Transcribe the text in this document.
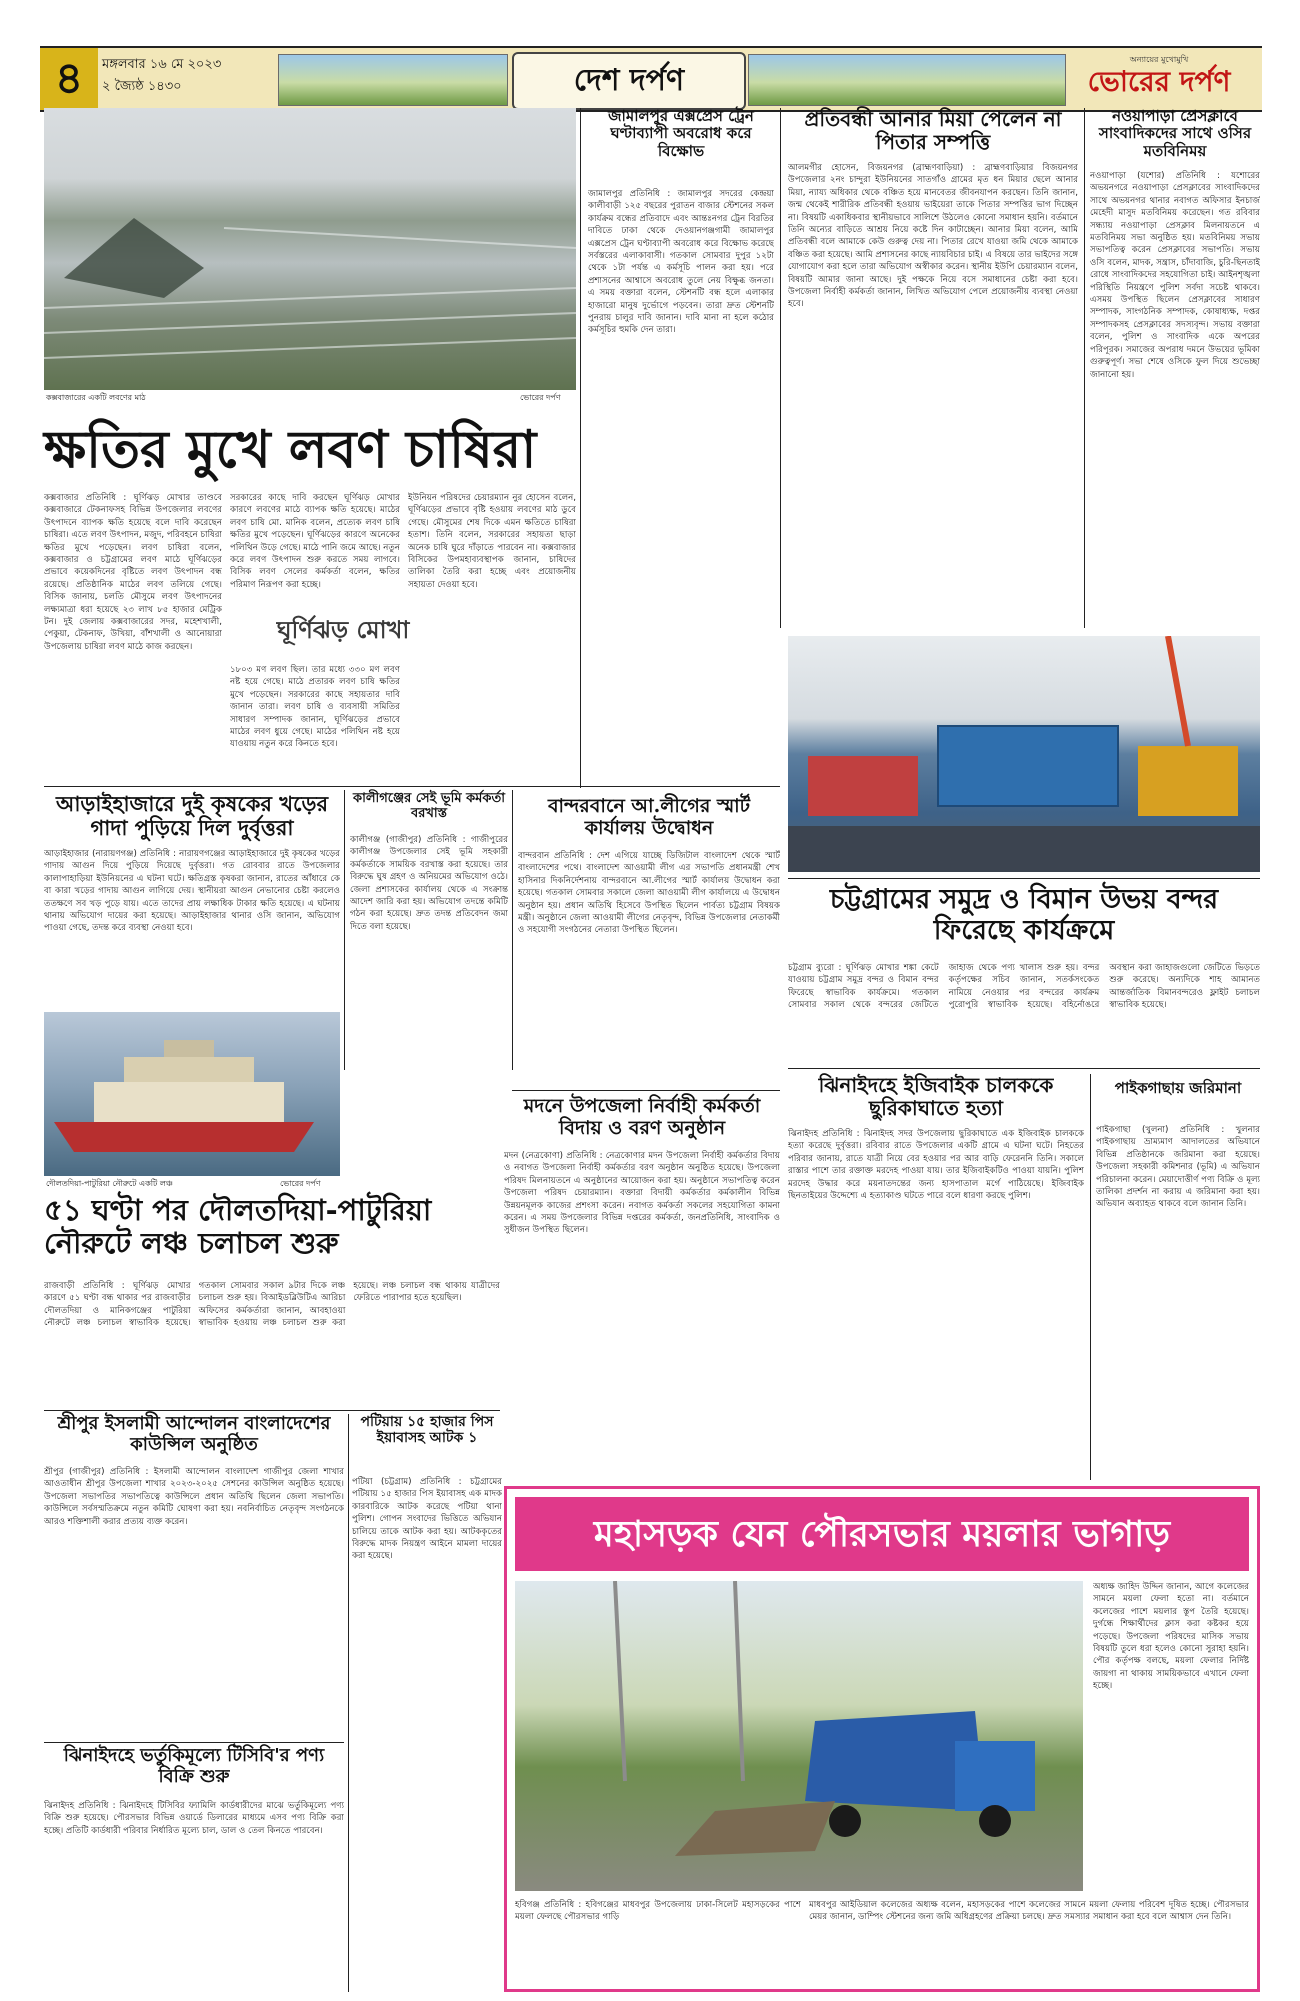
৪	মঙ্গলবার ১৬ মে ২০২৩
২ জ্যৈষ্ঠ ১৪৩০	দেশ দর্পণ
অন্যায়ের মুখোমুখি
ভোরের দর্পণ
কক্সবাজারের একটি লবণের মাঠ	ভোরের দর্পণ
ক্ষতির মুখে লবণ চাষিরা
কক্সবাজার প্রতিনিধি : ঘূর্ণিঝড় মোখার তাণ্ডবে কক্সবাজারে টেকনাফসহ বিভিন্ন উপজেলার লবণের উৎপাদনে ব্যাপক ক্ষতি হয়েছে বলে দাবি করেছেন চাষিরা। এতে লবণ উৎপাদন, মজুদ, পরিবহনে চাষিরা ক্ষতির মুখে পড়েছেন। লবণ চাষিরা বলেন, কক্সবাজার ও চট্টগ্রামের লবণ মাঠে ঘূর্ণিঝড়ের প্রভাবে কয়েকদিনের বৃষ্টিতে লবণ উৎপাদন বন্ধ রয়েছে। প্রতিষ্ঠানিক মাঠের লবণ তলিয়ে গেছে। বিসিক জানায়, চলতি মৌসুমে লবণ উৎপাদনের লক্ষ্যমাত্রা ধরা হয়েছে ২৩ লাখ ৮৫ হাজার মেট্রিক টন। দুই জেলায় কক্সবাজারের সদর, মহেশখালী, পেকুয়া, টেকনাফ, উখিয়া, বাঁশখালী ও আনোয়ারা উপজেলায় চাষিরা লবণ মাঠে কাজ করছেন।
সরকারের কাছে দাবি করছেন ঘূর্ণিঝড় মোখার কারণে লবণের মাঠে ব্যাপক ক্ষতি হয়েছে। মাঠের লবণ চাষি মো. মানিক বলেন, প্রত্যেক লবণ চাষি ক্ষতির মুখে পড়েছেন। ঘূর্ণিঝড়ের কারণে অনেকের পলিথিন উড়ে গেছে। মাঠে পানি জমে আছে। নতুন করে লবণ উৎপাদন শুরু করতে সময় লাগবে। বিসিক লবণ সেলের কর্মকর্তা বলেন, ক্ষতির পরিমাণ নিরূপণ করা হচ্ছে।
ঘূর্ণিঝড় মোখা
১৮০৩ মণ লবণ ছিল। তার মধ্যে ৩৩০ মণ লবণ নষ্ট হয়ে গেছে। মাঠে প্রতারক লবণ চাষি ক্ষতির মুখে পড়েছেন। সরকারের কাছে সহায়তার দাবি জানান তারা। লবণ চাষি ও ব্যবসায়ী সমিতির সাধারণ সম্পাদক জানান, ঘূর্ণিঝড়ের প্রভাবে মাঠের লবণ ধুয়ে গেছে। মাঠের পলিথিন নষ্ট হয়ে যাওয়ায় নতুন করে কিনতে হবে।
ইউনিয়ন পরিষদের চেয়ারম্যান নুর হোসেন বলেন, ঘূর্ণিঝড়ের প্রভাবে বৃষ্টি হওয়ায় লবণের মাঠ ডুবে গেছে। মৌসুমের শেষ দিকে এমন ক্ষতিতে চাষিরা হতাশ। তিনি বলেন, সরকারের সহায়তা ছাড়া অনেক চাষি ঘুরে দাঁড়াতে পারবেন না। কক্সবাজার বিসিকের উপমহাব্যবস্থাপক জানান, চাষিদের তালিকা তৈরি করা হচ্ছে এবং প্রয়োজনীয় সহায়তা দেওয়া হবে।
জামালপুর এক্সপ্রেস ট্রেন ঘণ্টাব্যাপী অবরোধ করে বিক্ষোভ
জামালপুর প্রতিনিধি : জামালপুর সদরের কেন্দ্রয়া কালীবাড়ী ১২৫ বছরের পুরাতন বাজার স্টেশনের সকল কার্যক্রম বন্ধের প্রতিবাদে এবং আন্তঃনগর ট্রেন বিরতির দাবিতে ঢাকা থেকে দেওয়ানগঞ্জগামী জামালপুর এক্সপ্রেস ট্রেন ঘণ্টাব্যাপী অবরোধ করে বিক্ষোভ করেছে সর্বস্তরের এলাকাবাসী। গতকাল সোমবার দুপুর ১২টা থেকে ১টা পর্যন্ত এ কর্মসূচি পালন করা হয়। পরে প্রশাসনের আশ্বাসে অবরোধ তুলে নেয় বিক্ষুব্ধ জনতা। এ সময় বক্তারা বলেন, স্টেশনটি বন্ধ হলে এলাকার হাজারো মানুষ দুর্ভোগে পড়বেন। তারা দ্রুত স্টেশনটি পুনরায় চালুর দাবি জানান। দাবি মানা না হলে কঠোর কর্মসূচির হুমকি দেন তারা।
প্রতিবন্ধী আনার মিয়া পেলেন না পিতার সম্পত্তি
আলমগীর হোসেন, বিজয়নগর (ব্রাহ্মণবাড়িয়া) : ব্রাহ্মণবাড়িয়ার বিজয়নগর উপজেলার ২নং চান্দুরা ইউনিয়নের সাতগাঁও গ্রামের মৃত ধন মিয়ার ছেলে আনার মিয়া, ন্যায্য অধিকার থেকে বঞ্চিত হয়ে মানবেতর জীবনযাপন করছেন। তিনি জানান, জন্ম থেকেই শারীরিক প্রতিবন্ধী হওয়ায় ভাইয়েরা তাকে পিতার সম্পত্তির ভাগ দিচ্ছেন না। বিষয়টি একাধিকবার স্থানীয়ভাবে সালিশে উঠলেও কোনো সমাধান হয়নি। বর্তমানে তিনি অন্যের বাড়িতে আশ্রয় নিয়ে কষ্টে দিন কাটাচ্ছেন। আনার মিয়া বলেন, আমি প্রতিবন্ধী বলে আমাকে কেউ গুরুত্ব দেয় না। পিতার রেখে যাওয়া জমি থেকে আমাকে বঞ্চিত করা হয়েছে। আমি প্রশাসনের কাছে ন্যায়বিচার চাই। এ বিষয়ে তার ভাইদের সঙ্গে যোগাযোগ করা হলে তারা অভিযোগ অস্বীকার করেন। স্থানীয় ইউপি চেয়ারম্যান বলেন, বিষয়টি আমার জানা আছে। দুই পক্ষকে নিয়ে বসে সমাধানের চেষ্টা করা হবে। উপজেলা নির্বাহী কর্মকর্তা জানান, লিখিত অভিযোগ পেলে প্রয়োজনীয় ব্যবস্থা নেওয়া হবে।
নওয়াপাড়া প্রেসক্লাবে সাংবাদিকদের সাথে ওসির মতবিনিময়
নওয়াপাড়া (যশোর) প্রতিনিধি : যশোরের অভয়নগরে নওয়াপাড়া প্রেসক্লাবের সাংবাদিকদের সাথে অভয়নগর থানার নবাগত অফিসার ইনচার্জ মেহেদী মাসুদ মতবিনিময় করেছেন। গত রবিবার সন্ধ্যায় নওয়াপাড়া প্রেসক্লাব মিলনায়তনে এ মতবিনিময় সভা অনুষ্ঠিত হয়। মতবিনিময় সভায় সভাপতিত্ব করেন প্রেসক্লাবের সভাপতি। সভায় ওসি বলেন, মাদক, সন্ত্রাস, চাঁদাবাজি, চুরি-ছিনতাই রোধে সাংবাদিকদের সহযোগিতা চাই। আইনশৃঙ্খলা পরিস্থিতি নিয়ন্ত্রণে পুলিশ সর্বদা সচেষ্ট থাকবে। এসময় উপস্থিত ছিলেন প্রেসক্লাবের সাধারণ সম্পাদক, সাংগঠনিক সম্পাদক, কোষাধ্যক্ষ, দপ্তর সম্পাদকসহ প্রেসক্লাবের সদস্যবৃন্দ। সভায় বক্তারা বলেন, পুলিশ ও সাংবাদিক একে অপরের পরিপূরক। সমাজের অপরাধ দমনে উভয়ের ভূমিকা গুরুত্বপূর্ণ। সভা শেষে ওসিকে ফুল দিয়ে শুভেচ্ছা জানানো হয়।
চট্টগ্রামের সমুদ্র ও বিমান উভয় বন্দর ফিরেছে কার্যক্রমে
চট্টগ্রাম ব্যুরো : ঘূর্ণিঝড় মোখার শঙ্কা কেটে যাওয়ায় চট্টগ্রাম সমুদ্র বন্দর ও বিমান বন্দর ফিরেছে স্বাভাবিক কার্যক্রমে। গতকাল সোমবার সকাল থেকে বন্দরের জেটিতে জাহাজ থেকে পণ্য খালাস শুরু হয়। বন্দর কর্তৃপক্ষের সচিব জানান, সতর্কসংকেত নামিয়ে নেওয়ার পর বন্দরের কার্যক্রম পুরোপুরি স্বাভাবিক হয়েছে। বহির্নোঙরে অবস্থান করা জাহাজগুলো জেটিতে ভিড়তে শুরু করেছে। অন্যদিকে শাহ আমানত আন্তর্জাতিক বিমানবন্দরেও ফ্লাইট চলাচল স্বাভাবিক হয়েছে।
আড়াইহাজারে দুই কৃষকের খড়ের গাদা পুড়িয়ে দিল দুর্বৃত্তরা
আড়াইহাজার (নারায়ণগঞ্জ) প্রতিনিধি : নারায়ণগঞ্জের আড়াইহাজারে দুই কৃষকের খড়ের গাদায় আগুন দিয়ে পুড়িয়ে দিয়েছে দুর্বৃত্তরা। গত রোববার রাতে উপজেলার কালাপাহাড়িয়া ইউনিয়নের এ ঘটনা ঘটে। ক্ষতিগ্রস্ত কৃষকরা জানান, রাতের আঁধারে কে বা কারা খড়ের গাদায় আগুন লাগিয়ে দেয়। স্থানীয়রা আগুন নেভানোর চেষ্টা করলেও ততক্ষণে সব খড় পুড়ে যায়। এতে তাদের প্রায় লক্ষাধিক টাকার ক্ষতি হয়েছে। এ ঘটনায় থানায় অভিযোগ দায়ের করা হয়েছে। আড়াইহাজার থানার ওসি জানান, অভিযোগ পাওয়া গেছে, তদন্ত করে ব্যবস্থা নেওয়া হবে।
কালীগঞ্জের সেই ভূমি কর্মকর্তা বরখাস্ত
কালীগঞ্জ (গাজীপুর) প্রতিনিধি : গাজীপুরের কালীগঞ্জ উপজেলার সেই ভূমি সহকারী কর্মকর্তাকে সাময়িক বরখাস্ত করা হয়েছে। তার বিরুদ্ধে ঘুষ গ্রহণ ও অনিয়মের অভিযোগ ওঠে। জেলা প্রশাসকের কার্যালয় থেকে এ সংক্রান্ত আদেশ জারি করা হয়। অভিযোগ তদন্তে কমিটি গঠন করা হয়েছে। দ্রুত তদন্ত প্রতিবেদন জমা দিতে বলা হয়েছে।
বান্দরবানে আ.লীগের স্মার্ট কার্যালয় উদ্বোধন
বান্দরবান প্রতিনিধি : দেশ এগিয়ে যাচ্ছে ডিজিটাল বাংলাদেশ থেকে স্মার্ট বাংলাদেশের পথে। বাংলাদেশ আওয়ামী লীগ এর সভাপতি প্রধানমন্ত্রী শেখ হাসিনার দিকনির্দেশনায় বান্দরবানে আ.লীগের স্মার্ট কার্যালয় উদ্বোধন করা হয়েছে। গতকাল সোমবার সকালে জেলা আওয়ামী লীগ কার্যালয়ে এ উদ্বোধন অনুষ্ঠান হয়। প্রধান অতিথি হিসেবে উপস্থিত ছিলেন পার্বত্য চট্টগ্রাম বিষয়ক মন্ত্রী। অনুষ্ঠানে জেলা আওয়ামী লীগের নেতৃবৃন্দ, বিভিন্ন উপজেলার নেতাকর্মী ও সহযোগী সংগঠনের নেতারা উপস্থিত ছিলেন।
দৌলতদিয়া-পাটুরিয়া নৌরুটে একটি লঞ্চ	ভোরের দর্পণ
মদনে উপজেলা নির্বাহী কর্মকর্তা বিদায় ও বরণ অনুষ্ঠান
মদন (নেত্রকোণা) প্রতিনিধি : নেত্রকোণার মদন উপজেলা নির্বাহী কর্মকর্তার বিদায় ও নবাগত উপজেলা নির্বাহী কর্মকর্তার বরণ অনুষ্ঠান অনুষ্ঠিত হয়েছে। উপজেলা পরিষদ মিলনায়তনে এ অনুষ্ঠানের আয়োজন করা হয়। অনুষ্ঠানে সভাপতিত্ব করেন উপজেলা পরিষদ চেয়ারম্যান। বক্তারা বিদায়ী কর্মকর্তার কর্মকালীন বিভিন্ন উন্নয়নমূলক কাজের প্রশংসা করেন। নবাগত কর্মকর্তা সকলের সহযোগিতা কামনা করেন। এ সময় উপজেলার বিভিন্ন দপ্তরের কর্মকর্তা, জনপ্রতিনিধি, সাংবাদিক ও সুধীজন উপস্থিত ছিলেন।
ঝিনাইদহে ইজিবাইক চালককে ছুরিকাঘাতে হত্যা
ঝিনাইদহ প্রতিনিধি : ঝিনাইদহ সদর উপজেলায় ছুরিকাঘাতে এক ইজিবাইক চালককে হত্যা করেছে দুর্বৃত্তরা। রবিবার রাতে উপজেলার একটি গ্রামে এ ঘটনা ঘটে। নিহতের পরিবার জানায়, রাতে যাত্রী নিয়ে বের হওয়ার পর আর বাড়ি ফেরেননি তিনি। সকালে রাস্তার পাশে তার রক্তাক্ত মরদেহ পাওয়া যায়। তার ইজিবাইকটিও পাওয়া যায়নি। পুলিশ মরদেহ উদ্ধার করে ময়নাতদন্তের জন্য হাসপাতাল মর্গে পাঠিয়েছে। ইজিবাইক ছিনতাইয়ের উদ্দেশ্যে এ হত্যাকাণ্ড ঘটতে পারে বলে ধারণা করছে পুলিশ।
পাইকগাছায় জরিমানা
পাইকগাছা (খুলনা) প্রতিনিধি : খুলনার পাইকগাছায় ভ্রাম্যমাণ আদালতের অভিযানে বিভিন্ন প্রতিষ্ঠানকে জরিমানা করা হয়েছে। উপজেলা সহকারী কমিশনার (ভূমি) এ অভিযান পরিচালনা করেন। মেয়াদোত্তীর্ণ পণ্য বিক্রি ও মূল্য তালিকা প্রদর্শন না করায় এ জরিমানা করা হয়। অভিযান অব্যাহত থাকবে বলে জানান তিনি।
৫১ ঘণ্টা পর দৌলতদিয়া-পাটুরিয়া নৌরুটে লঞ্চ চলাচল শুরু
রাজবাড়ী প্রতিনিধি : ঘূর্ণিঝড় মোখার কারণে ৫১ ঘণ্টা বন্ধ থাকার পর রাজবাড়ীর দৌলতদিয়া ও মানিকগঞ্জের পাটুরিয়া নৌরুটে লঞ্চ চলাচল স্বাভাবিক হয়েছে। গতকাল সোমবার সকাল ৯টার দিকে লঞ্চ চলাচল শুরু হয়। বিআইডব্লিউটিএ আরিচা অফিসের কর্মকর্তারা জানান, আবহাওয়া স্বাভাবিক হওয়ায় লঞ্চ চলাচল শুরু করা হয়েছে। লঞ্চ চলাচল বন্ধ থাকায় যাত্রীদের ফেরিতে পারাপার হতে হয়েছিল।
শ্রীপুর ইসলামী আন্দোলন বাংলাদেশের কাউন্সিল অনুষ্ঠিত
শ্রীপুর (গাজীপুর) প্রতিনিধি : ইসলামী আন্দোলন বাংলাদেশ গাজীপুর জেলা শাখার আওতাধীন শ্রীপুর উপজেলা শাখার ২০২৩-২০২৫ সেশনের কাউন্সিল অনুষ্ঠিত হয়েছে। উপজেলা সভাপতির সভাপতিত্বে কাউন্সিলে প্রধান অতিথি ছিলেন জেলা সভাপতি। কাউন্সিলে সর্বসম্মতিক্রমে নতুন কমিটি ঘোষণা করা হয়। নবনির্বাচিত নেতৃবৃন্দ সংগঠনকে আরও শক্তিশালী করার প্রত্যয় ব্যক্ত করেন।
পটিয়ায় ১৫ হাজার পিস ইয়াবাসহ আটক ১
পটিয়া (চট্টগ্রাম) প্রতিনিধি : চট্টগ্রামের পটিয়ায় ১৫ হাজার পিস ইয়াবাসহ এক মাদক কারবারিকে আটক করেছে পটিয়া থানা পুলিশ। গোপন সংবাদের ভিত্তিতে অভিযান চালিয়ে তাকে আটক করা হয়। আটককৃতের বিরুদ্ধে মাদক নিয়ন্ত্রণ আইনে মামলা দায়ের করা হয়েছে।
ঝিনাইদহে ভর্তুকিমূল্যে টিসিবি'র পণ্য বিক্রি শুরু
ঝিনাইদহ প্রতিনিধি : ঝিনাইদহে টিসিবির ফ্যামিলি কার্ডধারীদের মাঝে ভর্তুকিমূল্যে পণ্য বিক্রি শুরু হয়েছে। পৌরসভার বিভিন্ন ওয়ার্ডে ডিলারের মাধ্যমে এসব পণ্য বিক্রি করা হচ্ছে। প্রতিটি কার্ডধারী পরিবার নির্ধারিত মূল্যে চাল, ডাল ও তেল কিনতে পারবেন।
মহাসড়ক যেন পৌরসভার ময়লার ভাগাড়
অধ্যক্ষ জাহিদ উদ্দিন জানান, আগে কলেজের সামনে ময়লা ফেলা হতো না। বর্তমানে কলেজের পাশে ময়লার স্তূপ তৈরি হয়েছে। দুর্গন্ধে শিক্ষার্থীদের ক্লাস করা কষ্টকর হয়ে পড়েছে। উপজেলা পরিষদের মাসিক সভায় বিষয়টি তুলে ধরা হলেও কোনো সুরাহা হয়নি। পৌর কর্তৃপক্ষ বলছে, ময়লা ফেলার নির্দিষ্ট জায়গা না থাকায় সাময়িকভাবে এখানে ফেলা হচ্ছে।
হবিগঞ্জ প্রতিনিধি : হবিগঞ্জের মাধবপুর উপজেলায় ঢাকা-সিলেট মহাসড়কের পাশে ময়লা ফেলছে পৌরসভার গাড়ি
মাধবপুর আইডিয়াল কলেজের অধ্যক্ষ বলেন, মহাসড়কের পাশে কলেজের সামনে ময়লা ফেলায় পরিবেশ দূষিত হচ্ছে। পৌরসভার মেয়র জানান, ডাম্পিং স্টেশনের জন্য জমি অধিগ্রহণের প্রক্রিয়া চলছে। দ্রুত সমস্যার সমাধান করা হবে বলে আশ্বাস দেন তিনি।
